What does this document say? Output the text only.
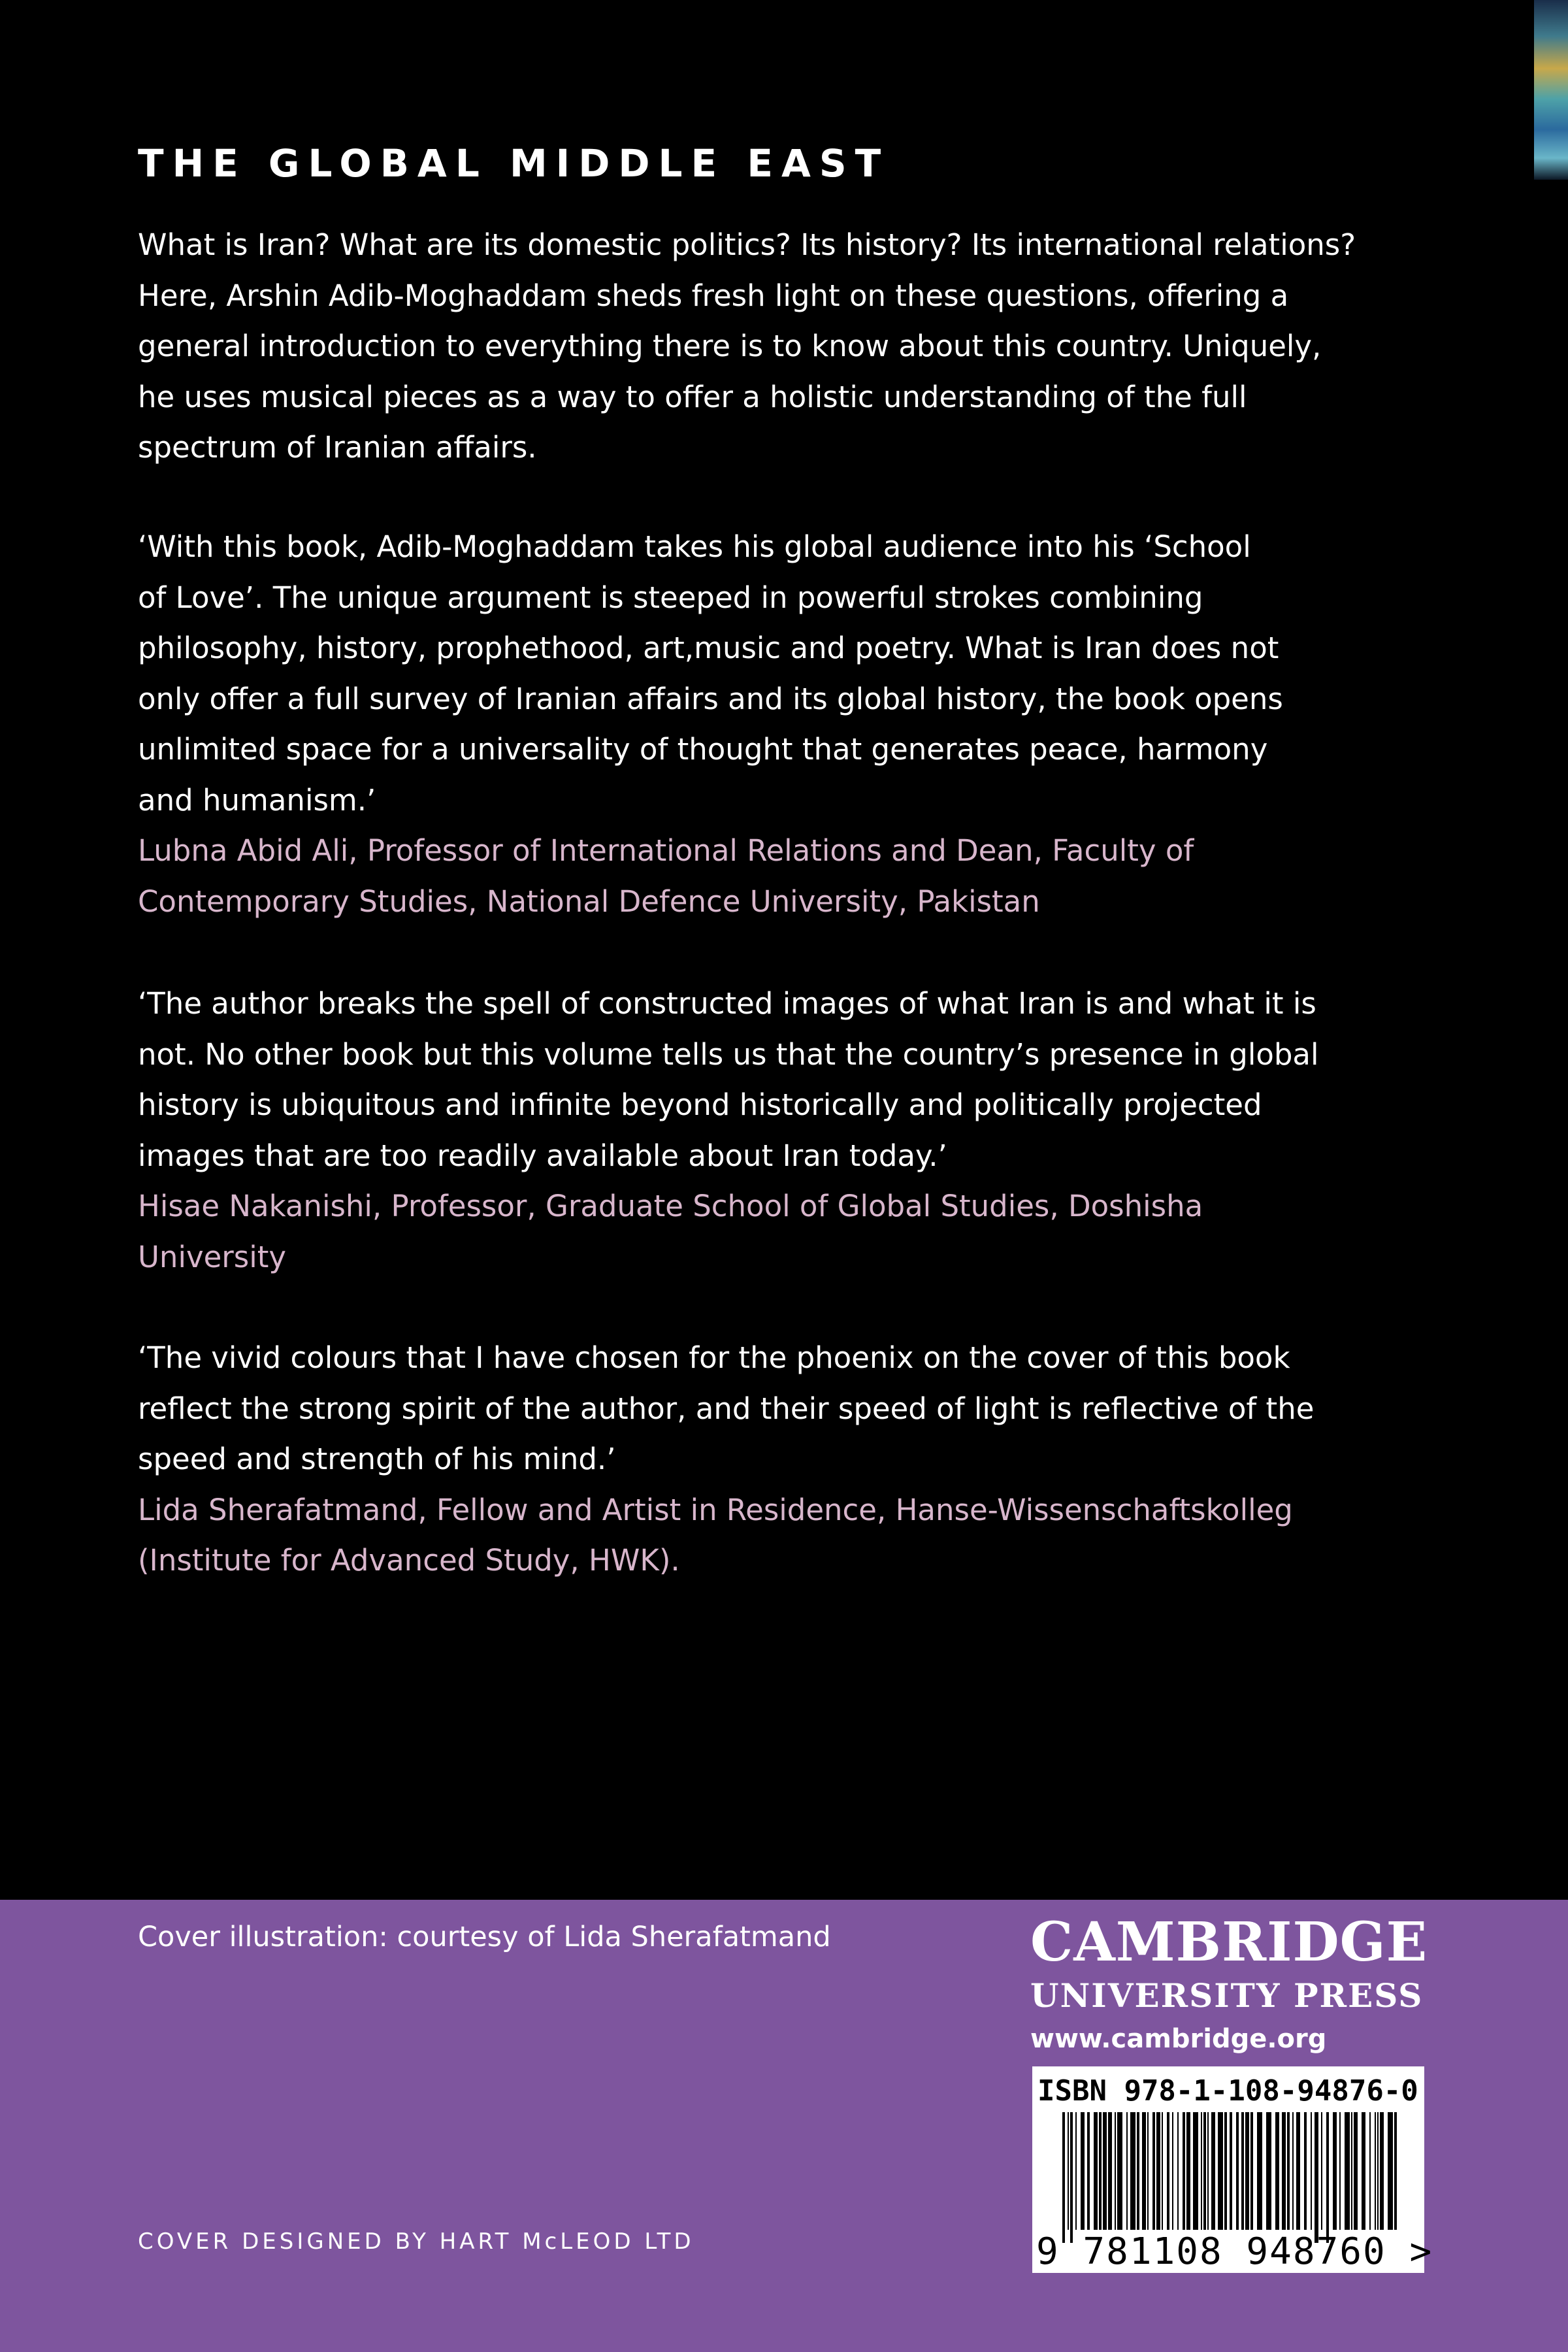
THE GLOBAL MIDDLE EAST

What is Iran? What are its domestic politics? Its history? Its international relations?

Here, Arshin Adib-Moghaddam sheds fresh light on these questions, offering a

general introduction to everything there is to know about this country. Uniquely,

he uses musical pieces as a way to offer a holistic understanding of the full

spectrum of Iranian affairs.

‘With this book, Adib-Moghaddam takes his global audience into his ‘School

of Love’. The unique argument is steeped in powerful strokes combining

philosophy, history, prophethood, art,music and poetry. What is Iran does not

only offer a full survey of Iranian affairs and its global history, the book opens

unlimited space for a universality of thought that generates peace, harmony

and humanism.’

Lubna Abid Ali, Professor of International Relations and Dean, Faculty of

Contemporary Studies, National Defence University, Pakistan

‘The author breaks the spell of constructed images of what Iran is and what it is

not. No other book but this volume tells us that the country’s presence in global

history is ubiquitous and infinite beyond historically and politically projected

images that are too readily available about Iran today.’

Hisae Nakanishi, Professor, Graduate School of Global Studies, Doshisha

University

‘The vivid colours that I have chosen for the phoenix on the cover of this book

reflect the strong spirit of the author, and their speed of light is reflective of the

speed and strength of his mind.’

Lida Sherafatmand, Fellow and Artist in Residence, Hanse-Wissenschaftskolleg

(Institute for Advanced Study, HWK).

Cover illustration: courtesy of Lida Sherafatmand
COVER DESIGNED BY HART McLEOD LTD
CAMBRIDGE
UNIVERSITY PRESS
www.cambridge.org
ISBN 978-1-108-94876-0
9 781108 948760 >
